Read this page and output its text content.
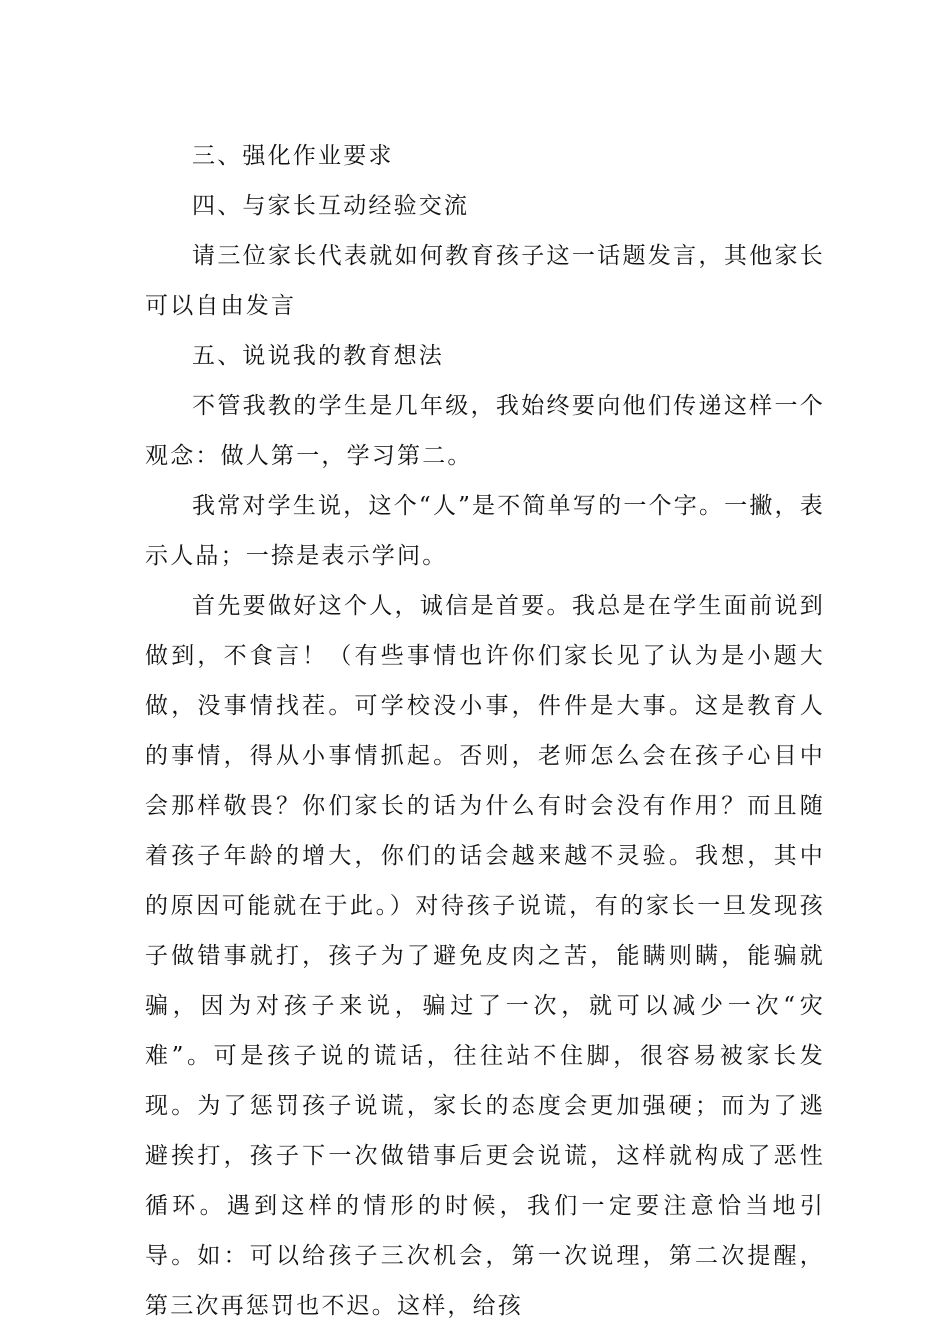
三、强化作业要求

四、与家长互动经验交流

请三位家长代表就如何教育孩子这一话题发言，其他家长可以自由发言

五、说说我的教育想法

不管我教的学生是几年级，我始终要向他们传递这样一个观念：做人第一，学习第二。

我常对学生说，这个“人”是不简单写的一个字。一撇，表示人品；一捺是表示学问。

首先要做好这个人，诚信是首要。我总是在学生面前说到做到，不食言！（有些事情也许你们家长见了认为是小题大做，没事情找茬。可学校没小事，件件是大事。这是教育人的事情，得从小事情抓起。否则，老师怎么会在孩子心目中会那样敬畏？你们家长的话为什么有时会没有作用？而且随着孩子年龄的增大，你们的话会越来越不灵验。我想，其中的原因可能就在于此。）对待孩子说谎，有的家长一旦发现孩子做错事就打，孩子为了避免皮肉之苦，能瞒则瞒，能骗就骗，因为对孩子来说，骗过了一次，就可以减少一次“灾难”。可是孩子说的谎话，往往站不住脚，很容易被家长发现。为了惩罚孩子说谎，家长的态度会更加强硬；而为了逃避挨打，孩子下一次做错事后更会说谎，这样就构成了恶性循环。遇到这样的情形的时候，我们一定要注意恰当地引导。如：可以给孩子三次机会，第一次说理，第二次提醒，第三次再惩罚也不迟。这样，给孩
